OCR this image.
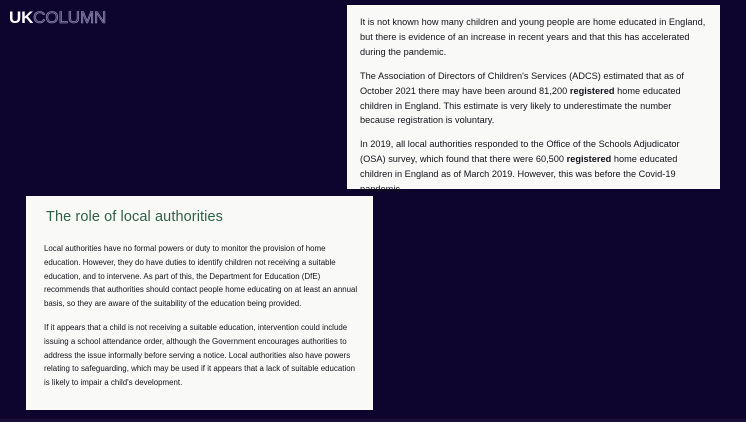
UK COLUMN	It is not known how many children and young people are home educated in England, but there is evidence of an increase in recent years and that this has accelerated during the pandemic.
The Association of Directors of Children's Services (ADCS) estimated that as of October 2021 there may have been around 81,200 registered home educated children in England. This estimate is very likely to underestimate the number because registration is voluntary.
In 2019, all local authorities responded to the Office of the Schools Adjudicator (OSA) survey, which found that there were 60,500 registered home educated children in England as of March 2019. However, this was before the Covid-19 pandemic.
The role of local authorities
Local authorities have no formal powers or duty to monitor the provision of home education. However, they do have duties to identify children not receiving a suitable education, and to intervene. As part of this, the Department for Education (DfE) recommends that authorities should contact people home educating on at least an annual basis, so they are aware of the suitability of the education being provided.
If it appears that a child is not receiving a suitable education, intervention could include issuing a school attendance order, although the Government encourages authorities to address the issue informally before serving a notice. Local authorities also have powers relating to safeguarding, which may be used if it appears that a lack of suitable education is likely to impair a child's development.
